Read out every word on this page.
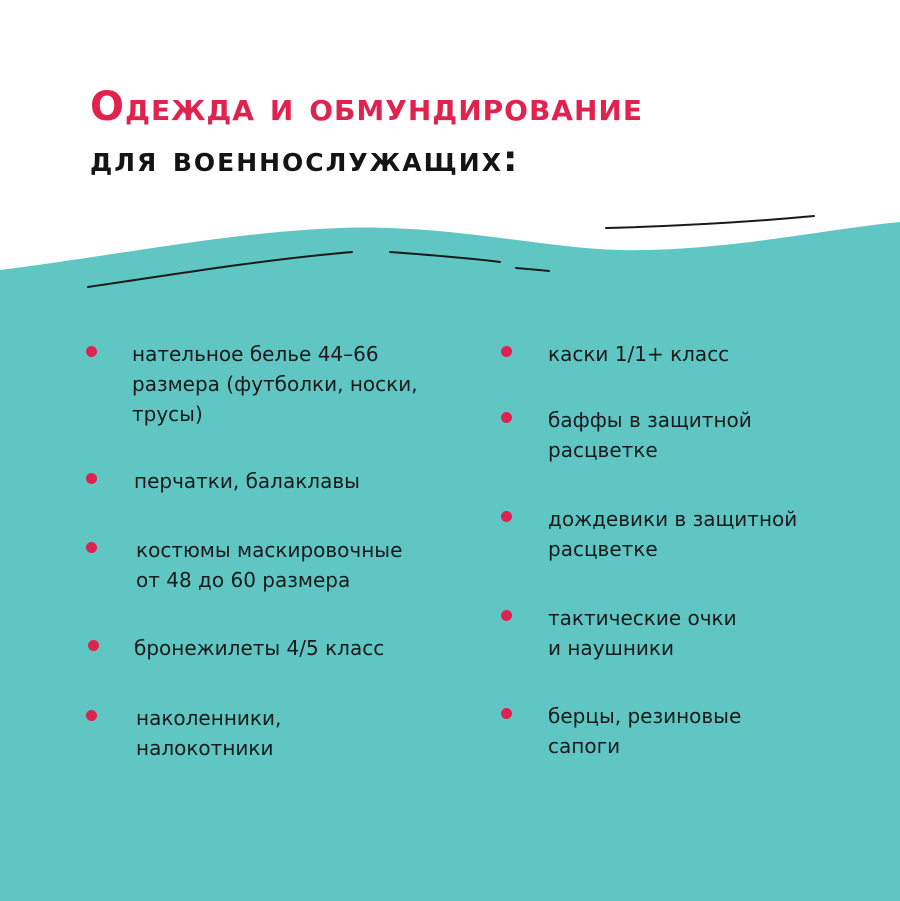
Одежда и обмундирование
для военнослужащих:
нательное белье 44–66
размера (футболки, носки,
трусы)
перчатки, балаклавы
костюмы маскировочные
от 48 до 60 размера
бронежилеты 4/5 класс
наколенники,
налокотники
каски 1/1+ класс
баффы в защитной
расцветке
дождевики в защитной
расцветке
тактические очки
и наушники
берцы, резиновые
сапоги
